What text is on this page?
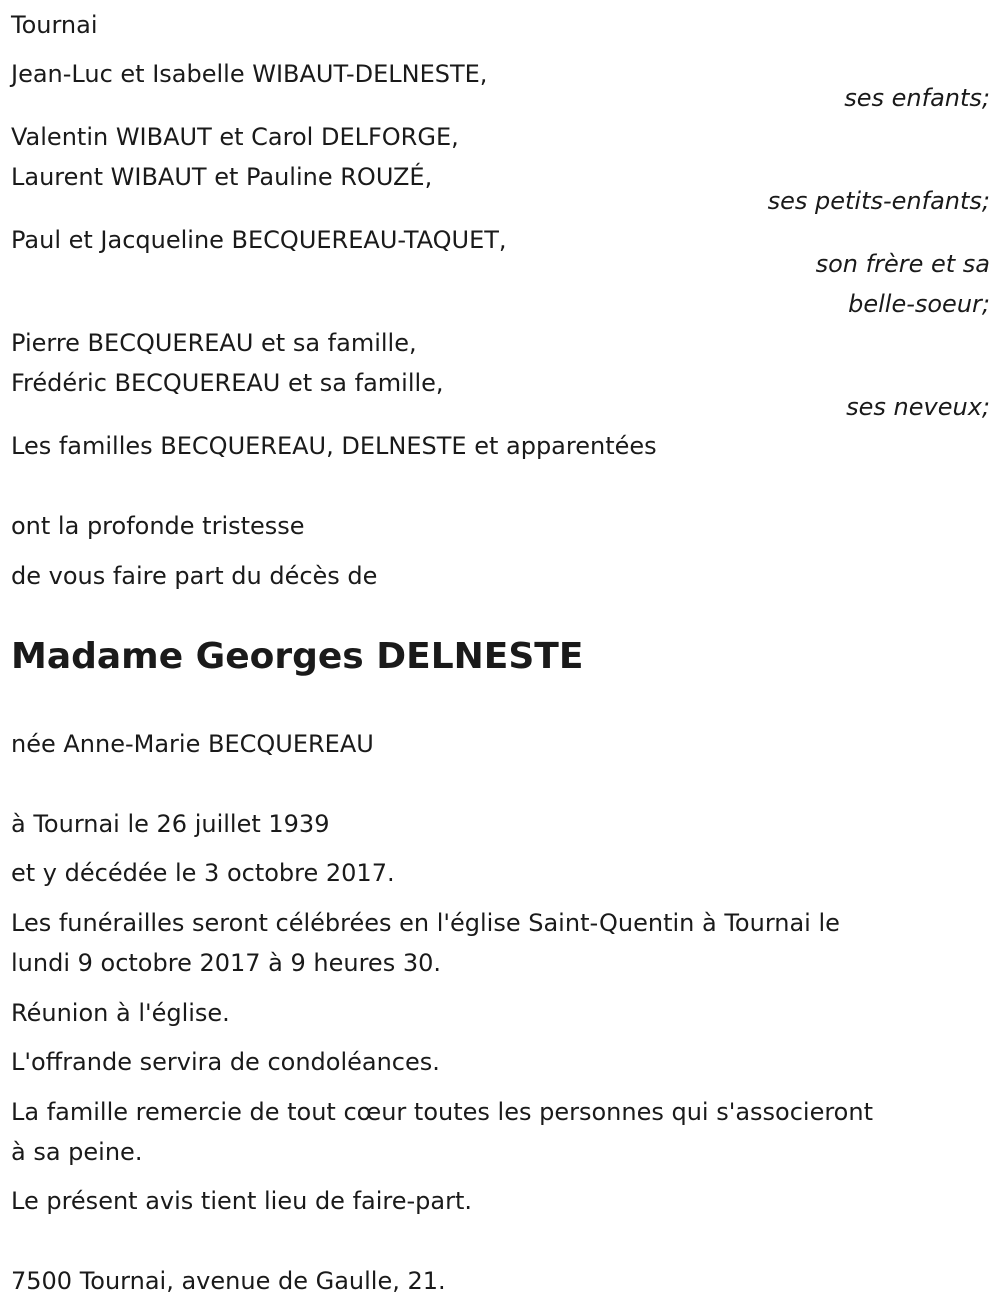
Tournai
Jean-Luc et Isabelle WIBAUT-DELNESTE,
ses enfants;
Valentin WIBAUT et Carol DELFORGE,
Laurent WIBAUT et Pauline ROUZÉ,
ses petits-enfants;
Paul et Jacqueline BECQUEREAU-TAQUET,
son frère et sa
belle-soeur;
Pierre BECQUEREAU et sa famille,
Frédéric BECQUEREAU et sa famille,
ses neveux;
Les familles BECQUEREAU, DELNESTE et apparentées
ont la profonde tristesse
de vous faire part du décès de
Madame Georges DELNESTE
née Anne-Marie BECQUEREAU
à Tournai le 26 juillet 1939
et y décédée le 3 octobre 2017.
Les funérailles seront célébrées en l'église Saint-Quentin à Tournai le
lundi 9 octobre 2017 à 9 heures 30.
Réunion à l'église.
L'offrande servira de condoléances.
La famille remercie de tout cœur toutes les personnes qui s'associeront
à sa peine.
Le présent avis tient lieu de faire-part.
7500 Tournai, avenue de Gaulle, 21.
